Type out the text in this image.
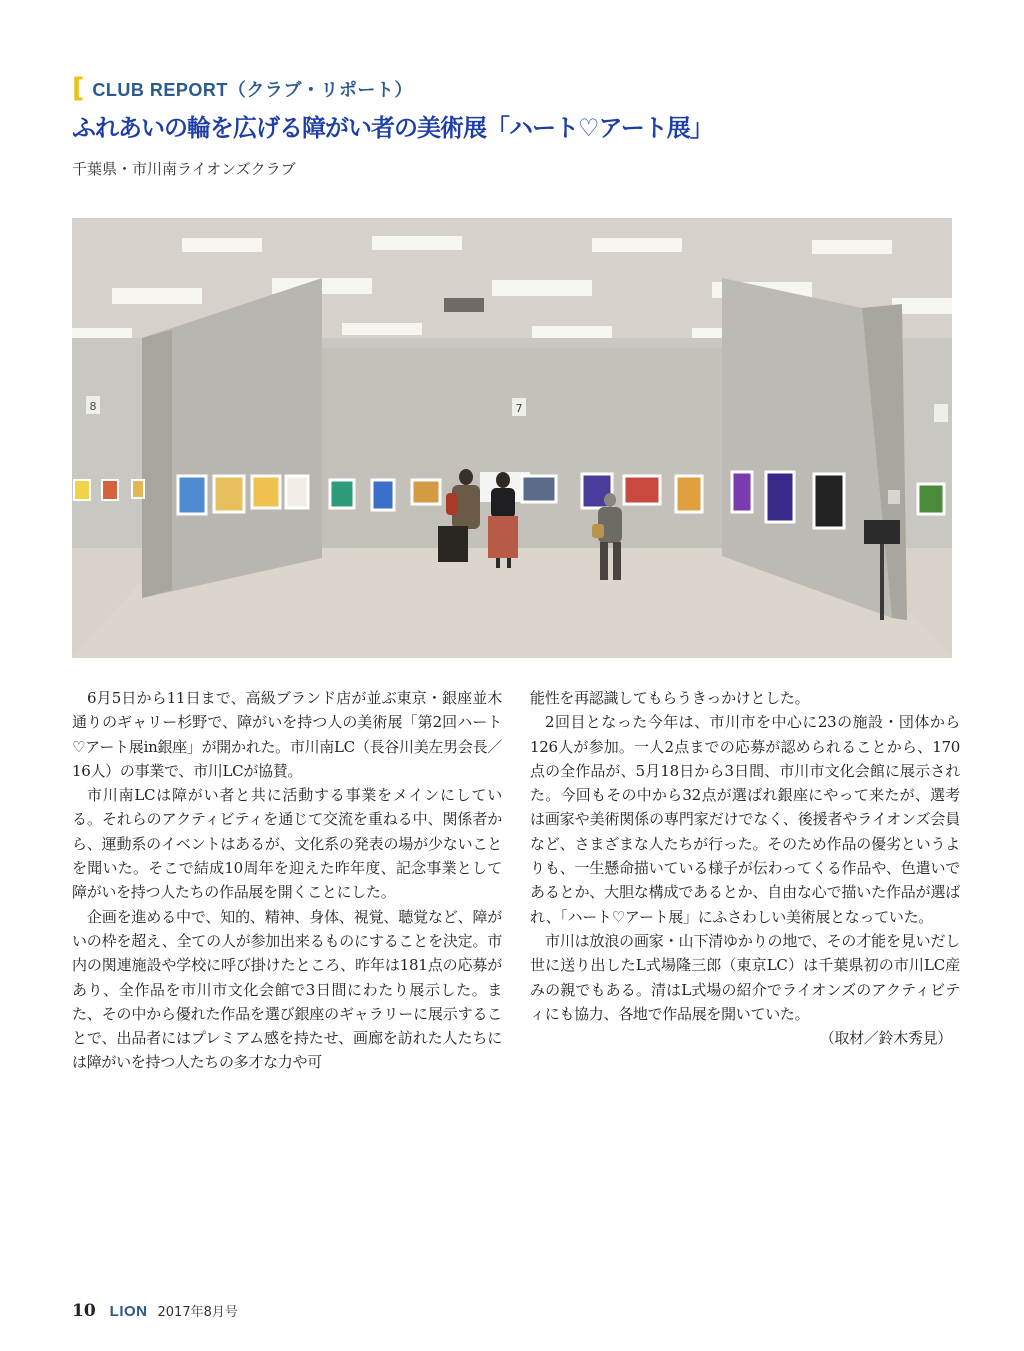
[ CLUB REPORT（クラブ・リポート）
ふれあいの輪を広げる障がい者の美術展「ハート♡アート展」
千葉県・市川南ライオンズクラブ
8	7

6月5日から11日まで、高級ブランド店が並ぶ東京・銀座並木通りのギャリー杉野で、障がいを持つ人の美術展「第2回ハート♡アート展in銀座」が開かれた。市川南LC（長谷川美左男会長／16人）の事業で、市川LCが協賛。

市川南LCは障がい者と共に活動する事業をメインにしている。それらのアクティビティを通じて交流を重ねる中、関係者から、運動系のイベントはあるが、文化系の発表の場が少ないことを聞いた。そこで結成10周年を迎えた昨年度、記念事業として障がいを持つ人たちの作品展を開くことにした。

企画を進める中で、知的、精神、身体、視覚、聴覚など、障がいの枠を超え、全ての人が参加出来るものにすることを決定。市内の関連施設や学校に呼び掛けたところ、昨年は181点の応募があり、全作品を市川市文化会館で3日間にわたり展示した。また、その中から優れた作品を選び銀座のギャラリーに展示することで、出品者にはプレミアム感を持たせ、画廊を訪れた人たちには障がいを持つ人たちの多才な力や可

能性を再認識してもらうきっかけとした。

2回目となった今年は、市川市を中心に23の施設・団体から126人が参加。一人2点までの応募が認められることから、170点の全作品が、5月18日から3日間、市川市文化会館に展示された。今回もその中から32点が選ばれ銀座にやって来たが、選考は画家や美術関係の専門家だけでなく、後援者やライオンズ会員など、さまざまな人たちが行った。そのため作品の優劣というよりも、一生懸命描いている様子が伝わってくる作品や、色遣いであるとか、大胆な構成であるとか、自由な心で描いた作品が選ばれ、「ハート♡アート展」にふさわしい美術展となっていた。

市川は放浪の画家・山下清ゆかりの地で、その才能を見いだし世に送り出したL式場隆三郎（東京LC）は千葉県初の市川LC産みの親でもある。清はL式場の紹介でライオンズのアクティビティにも協力、各地で作品展を開いていた。

（取材／鈴木秀見）

10 LION 2017年8月号
